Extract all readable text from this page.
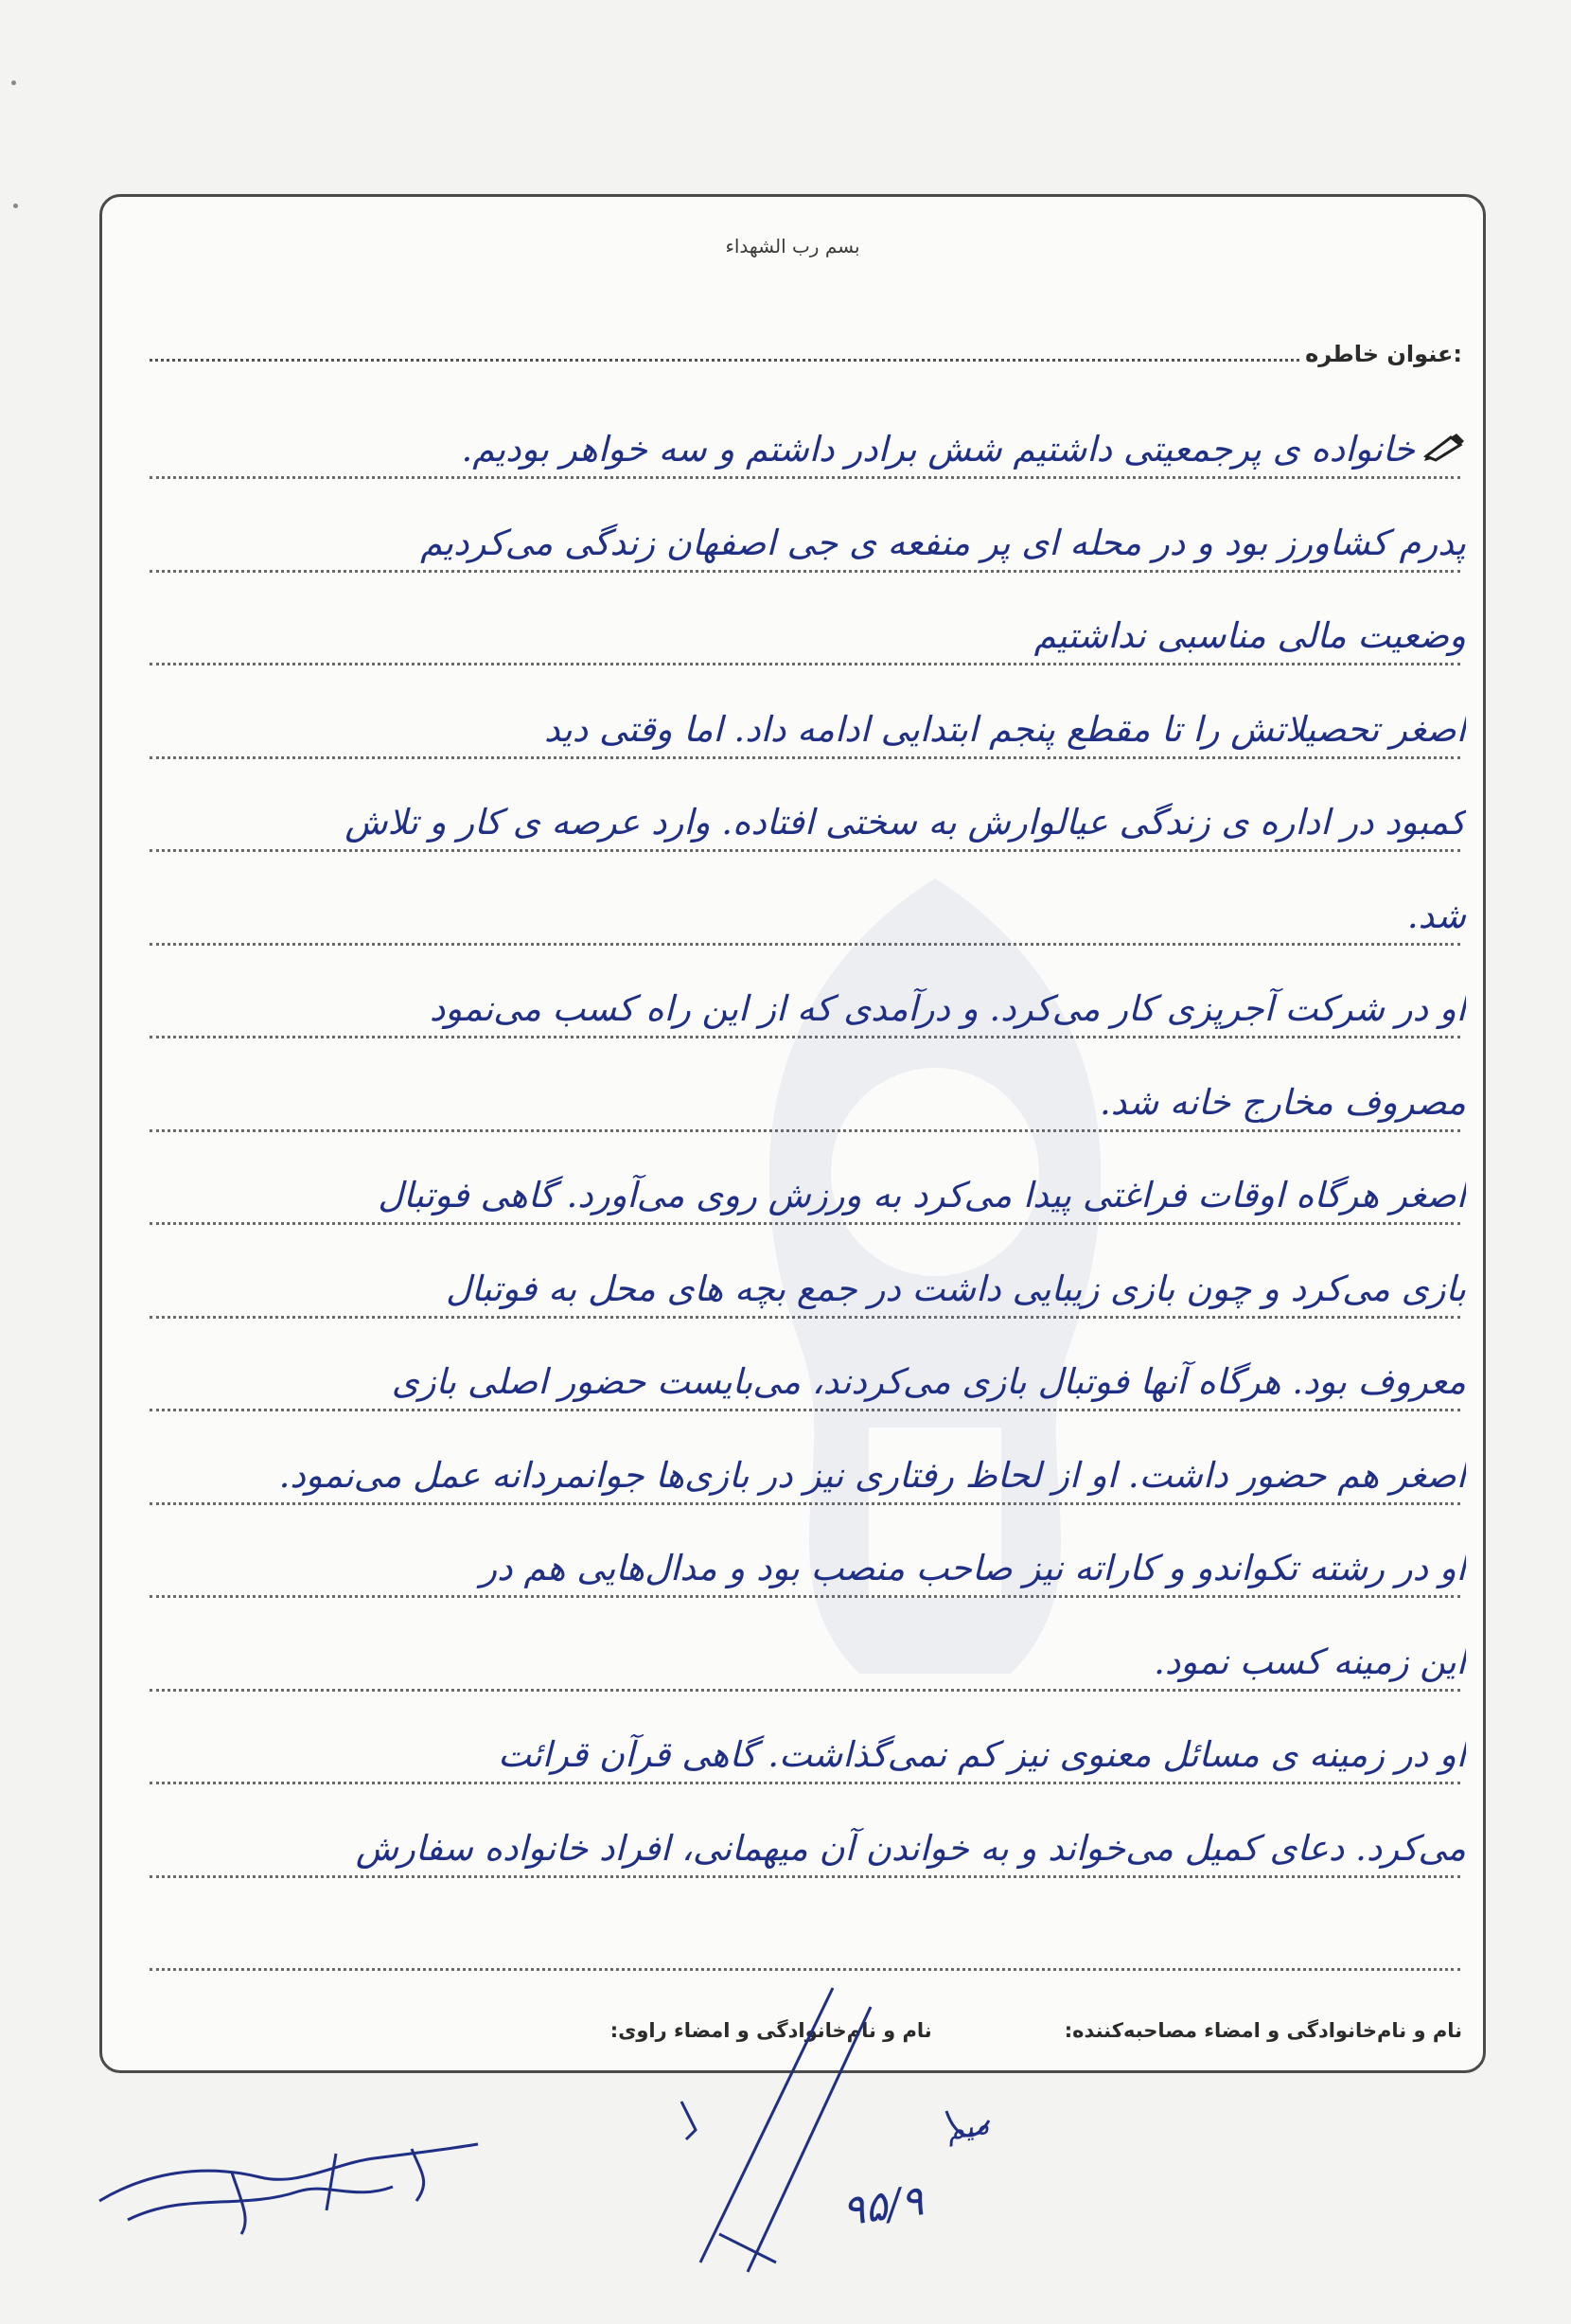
بسم رب الشهداء
عنوان خاطره:
نام و نام‌خانوادگی و امضاء مصاحبه‌کننده:
نام و نام‌خانوادگی و امضاء راوی:
خانواده ی پرجمعیتی داشتیم شش برادر داشتم و سه خواهر بودیم.
پدرم کشاورز بود و در محله ای پر منفعه ی جی اصفهان زندگی می‌کردیم
وضعیت مالی مناسبی نداشتیم
اصغر تحصیلاتش را تا مقطع پنجم ابتدایی ادامه داد. اما وقتی دید
کمبود در اداره ی زندگی عیالوارش به سختی افتاده. وارد عرصه ی کار و تلاش
شد.
او در شرکت آجرپزی کار می‌کرد. و درآمدی که از این راه کسب می‌نمود
مصروف مخارج خانه شد.
اصغر هرگاه اوقات فراغتی پیدا می‌کرد به ورزش روی می‌آورد. گاهی فوتبال
بازی می‌کرد و چون بازی زیبایی داشت در جمع بچه های محل به فوتبال
معروف بود. هرگاه آنها فوتبال بازی می‌کردند، می‌بایست حضور اصلی بازی
اصغر هم حضور داشت. او از لحاظ رفتاری نیز در بازی‌ها جوانمردانه عمل می‌نمود.
او در رشته تکواندو و کاراته نیز صاحب منصب بود و مدال‌هایی هم در
این زمینه کسب نمود.
او در زمینه ی مسائل معنوی نیز کم نمی‌گذاشت. گاهی قرآن قرائت
می‌کرد. دعای کمیل می‌خواند و به خواندن آن میهمانی، افراد خانواده سفارش
۹۵/۹
میم
